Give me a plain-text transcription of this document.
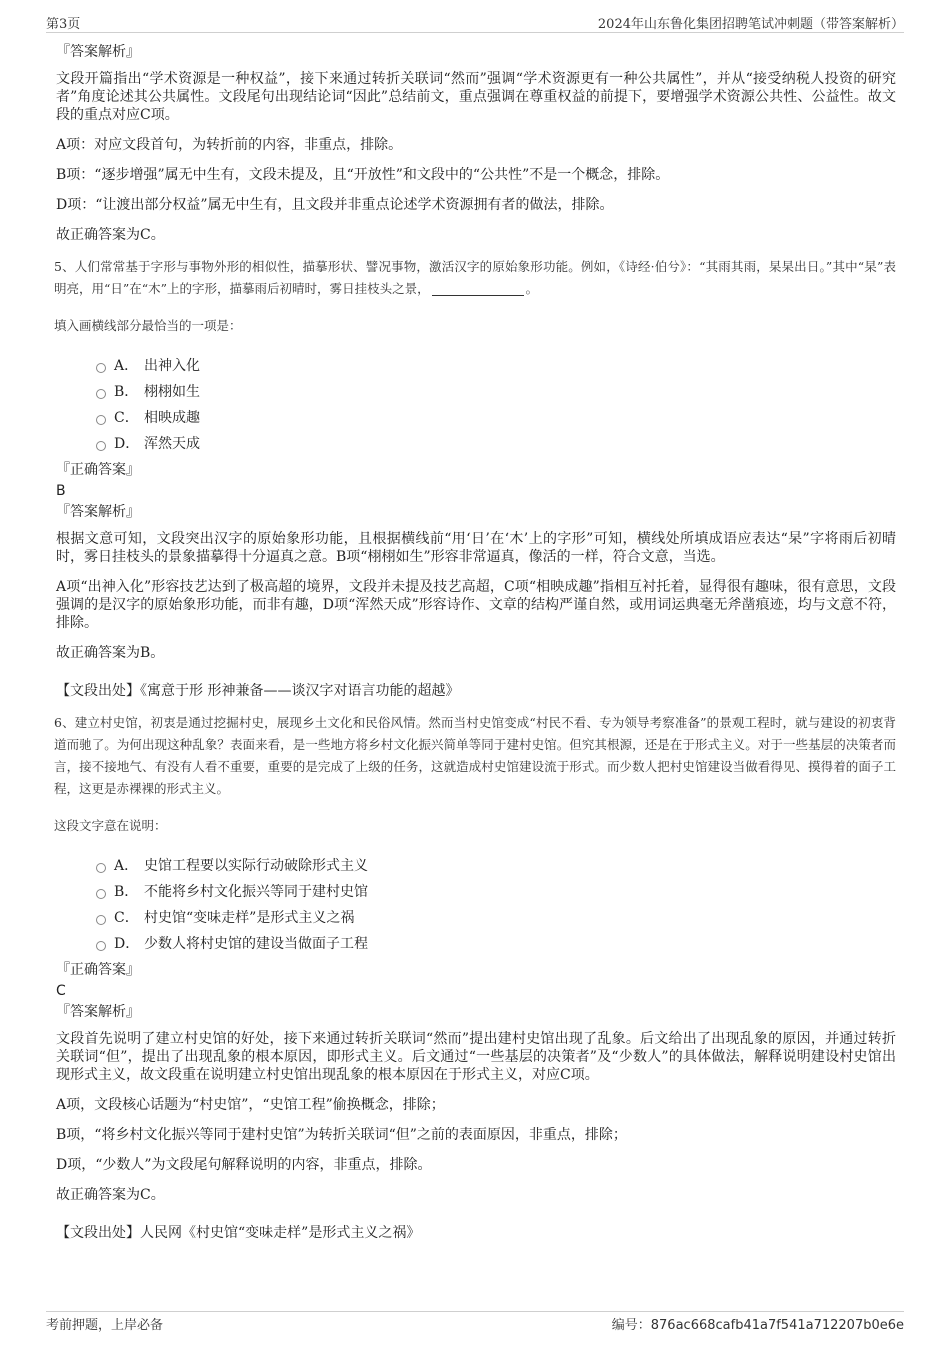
第3页	2024年山东鲁化集团招聘笔试冲刺题（带答案解析）
『答案解析』

文段开篇指出“学术资源是一种权益”，接下来通过转折关联词“然而”强调“学术资源更有一种公共属性”，并从“接受纳税人投资的研究者”角度论述其公共属性。文段尾句出现结论词“因此”总结前文，重点强调在尊重权益的前提下，要增强学术资源公共性、公益性。故文段的重点对应C项。

A项：对应文段首句，为转折前的内容，非重点，排除。

B项：“逐步增强”属无中生有，文段未提及，且“开放性”和文段中的“公共性”不是一个概念，排除。

D项：“让渡出部分权益”属无中生有，且文段并非重点论述学术资源拥有者的做法，排除。

故正确答案为C。

5、人们常常基于字形与事物外形的相似性，描摹形状、譬况事物，激活汉字的原始象形功能。例如，《诗经·伯兮》：“其雨其雨，杲杲出日。”其中“杲”表明亮，用“日”在“木”上的字形，描摹雨后初晴时，雾日挂枝头之景，	。
填入画横线部分最恰当的一项是：
A． 出神入化
B． 栩栩如生
C． 相映成趣
D． 浑然天成
『正确答案』
B
『答案解析』

根据文意可知，文段突出汉字的原始象形功能，且根据横线前“用‘日’在‘木’上的字形”可知，横线处所填成语应表达“杲”字将雨后初晴时，雾日挂枝头的景象描摹得十分逼真之意。B项“栩栩如生”形容非常逼真，像活的一样，符合文意，当选。

A项“出神入化”形容技艺达到了极高超的境界，文段并未提及技艺高超，C项“相映成趣”指相互衬托着，显得很有趣味，很有意思，文段强调的是汉字的原始象形功能，而非有趣，D项“浑然天成”形容诗作、文章的结构严谨自然，或用词运典毫无斧凿痕迹，均与文意不符，排除。

故正确答案为B。

【文段出处】《寓意于形 形神兼备——谈汉字对语言功能的超越》

6、建立村史馆，初衷是通过挖掘村史，展现乡土文化和民俗风情。然而当村史馆变成“村民不看、专为领导考察准备”的景观工程时，就与建设的初衷背道而驰了。为何出现这种乱象？表面来看，是一些地方将乡村文化振兴简单等同于建村史馆。但究其根源，还是在于形式主义。对于一些基层的决策者而言，接不接地气、有没有人看不重要，重要的是完成了上级的任务，这就造成村史馆建设流于形式。而少数人把村史馆建设当做看得见、摸得着的面子工程，这更是赤裸裸的形式主义。
这段文字意在说明：
A． 史馆工程要以实际行动破除形式主义
B． 不能将乡村文化振兴等同于建村史馆
C． 村史馆“变味走样”是形式主义之祸
D． 少数人将村史馆的建设当做面子工程
『正确答案』
C
『答案解析』

文段首先说明了建立村史馆的好处，接下来通过转折关联词“然而”提出建村史馆出现了乱象。后文给出了出现乱象的原因，并通过转折关联词“但”，提出了出现乱象的根本原因，即形式主义。后文通过“一些基层的决策者”及“少数人”的具体做法，解释说明建设村史馆出现形式主义，故文段重在说明建立村史馆出现乱象的根本原因在于形式主义，对应C项。

A项，文段核心话题为“村史馆”，“史馆工程”偷换概念，排除；

B项，“将乡村文化振兴等同于建村史馆”为转折关联词“但”之前的表面原因，非重点，排除；

D项，“少数人”为文段尾句解释说明的内容，非重点，排除。

故正确答案为C。

【文段出处】人民网《村史馆“变味走样”是形式主义之祸》

考前押题，上岸必备	编号：876ac668cafb41a7f541a712207b0e6e
